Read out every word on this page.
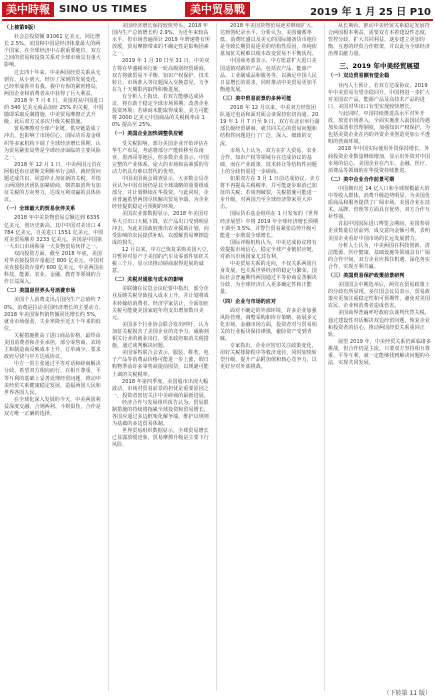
美中時報 SINO US TIMES	美中贸易戰	2019 年 1 月 25 日 P10

（上接第9版）

社会总投资额 91061 亿美元，同比增长 2.5%。美国和中国是经济体量最大的两个国家，在全球经济中占据重要地位，双方之间的贸易和投资关系对全球市场具有重大影响。

过去四十年来，中美两国经贸关系从无到有，从小到大，经历了深刻的发展变化，已经形成你中有我、我中有你的紧密格局，两国企业和消费者从中获得了巨大利益。

2018 年 7 月 6 日，美国对从中国进口的 340 亿美元商品加征 25% 的关税，中国随即采取反制措施，中美贸易摩擦正式升级，此后双方又多次升级关税措施。

贸易摩擦对全球产业链、供应链造成了冲击，也影响了市场信心，国际货币基金组织等多家机构下调了全球经济增长预期，认为贸易紧张局势是全球经济面临的主要风险之一。

2018 年 12 月 1 日，中美两国元首在阿根廷布宜诺斯艾利斯举行会晤，就经贸问题达成共识，同意停止加征新的关税，并指示两国经济团队加紧磋商，朝着取消所有加征关税的方向努力，达成互利双赢的具体协议。

（一）全球最大的贸易伙伴关系

2018 年中美货物贸易总额达到 6335 亿美元，创历史新高。其中中国对美出口 4784 亿美元，自美进口 1551 亿美元，中国对美贸易顺差 3233 亿美元。美国是中国第一大出口市场和第一大货物贸易伙伴之一。

双向投资方面，截至 2018 年底，美国对华直接投资存量超过 800 亿美元，中国对美直接投资存量约 600 亿美元。中美两国在科技、能源、农业、金融、教育等领域的合作日益深入。

（二）美国是世界头号消费市场

美国个人消费支出占国内生产总值约 70%，消费是拉动美国经济增长的主要动力。2018 年美国零售销售额同比增长约 5%，就业市场强劲，失业率降至近五十年来的低位。

关税措施推高了进口商品价格，最终由美国消费者和企业承担，部分零售商、农场主和制造商反映成本上升、订单减少，要求政府尽快与中方达成协议。

中方一贯主张通过平等对话和磋商解决分歧，希望双方相向而行，在相互尊重、平等互利的基础上妥善处理经贸问题，推动中美经贸关系健康稳定发展，造福两国人民和世界各国人民。

在全球化深入发展的今天，中美两国利益深度交融，合则两利、斗则俱伤，合作是双方唯一正确的选择。

美国经济增长保持较快势头，2018 年国内生产总值增长约 2.9%，为近年来较高水平，但市场普遍预计 2019 年增速将有所放缓，贸易摩擦带来的不确定性是影响因素之一。

2019 年 1 月 30 日至 31 日，中美双方将在华盛顿举行新一轮高级别经贸磋商，双方将就贸易不平衡、知识产权保护、技术转让、市场准入等议题深入交换意见，力争在九十天期限内取得积极进展。

有分析人士指出，若双方能够达成协议，将有助于稳定全球市场预期，改善企业投资环境；若磋商未能取得成果，美方可能将 2000 亿美元中国商品的关税税率由 10% 提高至 25%。

（一）美国企业加快调整供应链

受关税影响，部分美国企业开始评估在华生产布局，考虑将部分产能转移至东南亚、墨西哥等地区，但多数企业表示，中国完整的产业体系、庞大的市场和高素质的劳动力仍具有难以替代的优势。

中国美国商会调查显示，大多数会员企业认为中国市场仍是其全球战略的重要组成部分，并计划继续在华投资。与此同时，企业普遍希望两国尽快解决贸易争端，为企业经营提供稳定可预期的环境。

美国农业部数据显示，2018 年美国对华大豆出口大幅下降，农产品出口受到明显冲击。为此美国政府推出农业援助计划，向受影响的农民提供补贴，以缓解贸易摩擦造成的损失。

12 月以来，中方已恢复采购美国大豆，并暂停对原产于美国的汽车及零部件加征关税三个月，显示出推动磋商取得进展的诚意。

（二）关税对通胀与成本的影响

美联储在议息会议纪要中指出，部分企业反映关税导致投入成本上升，并计划将成本转嫁给消费者。经济学家估计，全面加征关税可能使美国家庭年均支出增加数百美元。

美国多个行业协会联合发出呼吁，认为加征关税损害了美国企业的竞争力，威胁到相关行业的就业岗位，要求政府取消关税措施，通过谈判解决问题。

美国零售联合会表示，服装、鞋类、电子产品等消费品价格可能进一步上涨，假日购物季前许多零售商提前囤货，以规避可能上调的关税税率。

2018 年第四季度，美国股市出现大幅波动，市场对贸易前景的担忧是重要原因之一，投资者密切关注中美磋商的最新进展。

经济合作与发展组织报告认为，贸易限制措施的持续将拖累全球投资和贸易增长，各国应通过多边框架化解争端，维护以规则为基础的多边贸易体制。

世界贸易组织数据显示，全球贸易增长已显露放缓迹象，贸易摩擦升级是主要下行风险。

2018 年美国货物贸易逆差继续扩大，达到创纪录水平。分析认为，美国储蓄率低、消费旺盛以及美元的国际储备货币地位是导致长期贸易逆差的结构性原因，单纯依靠加征关税难以根本改变贸易不平衡状况。

中国商务部表示，中方愿意扩大进口美国适销对路的产品，包括农产品、能源产品、工业制成品和服务等，以满足中国人民日益增长的需求，同时推动中美贸易更加平衡地发展。

（三）美中贸易前景的多种可能

2018 年 12 月以来，中美双方经贸团队通过电话和面对面会谈保持密切沟通。2019 年 1 月 7 日至 9 日，双方在北京举行副部长级经贸磋商，就共同关心的贸易问题和结构性问题进行了广泛、深入、细致的交流。

市场人士认为，双方在扩大贸易、农业合作、知识产权等领域存在达成协议的基础，而在产业政策、技术转让等结构性问题上的分歧仍需进一步磋商。

如果双方在 3 月 1 日前达成协议，美方将不再提高关税税率，并可能逐步取消已加征的关税；若谈判破裂，关税措施可能进一步升级，对两国乃至全球经济带来更大冲击。

国际货币基金组织在 1 月发布的《世界经济展望》中将 2019 年全球经济增长预期下调至 3.5%，并警告贸易紧张局势升级可能进一步削弱全球增长。

国际评级机构认为，中美达成协议将有效提振市场信心，稳定全球产业链供应链，对新兴市场国家尤其有利。

中美贸易关系的走向，不仅关系两国自身发展，也关系世界经济的稳定与繁荣。国际社会普遍期待两国通过平等协商妥善解决分歧，为全球经济注入更多确定性和正能量。

（四）企业与市场的应对

面对不确定的外部环境，许多企业加强风险管理，调整采购和库存策略，拓展多元化市场。金融市场方面，投资者对与贸易相关的行业板块保持谨慎，避险资产受到青睐。

专家指出，企业应密切关注政策变化，用好关税排除程序等救济途径，同时加快转型升级，提升产品附加值和核心竞争力，以更好应对外部挑战。

从长期看，推动中美经贸关系稳定发展符合两国根本利益，需要双方本着建设性态度，管控分歧，扩大共同利益，逐步建立更加均衡、互惠的经贸合作框架，并以此为全球经济治理贡献力量。

三、2019 年中美经贸展望

（一）双边贸易额有望企稳

业内人士预计，若双方达成协议，2019 年中美贸易有望企稳回升，中国将进一步扩大对美国农产品、能源产品及高技术产品的进口，美国对华出口有望实现较快增长。

与此同时，中国持续推进高水平对外开放，放宽市场准入，全面实施准入前国民待遇加负面清单管理制度，加强知识产权保护，为包括美资企业在内的外资企业创造更加公平透明的营商环境。

2018 年中国实际使用外资保持增长，外商投资企业数量继续增加，显示出外资对中国市场的信心。美国企业在汽车、金融、医疗、消费品等领域的在华投资持续推进。

（二）美中企业合作前景可期

中国拥有近 14 亿人口和全球规模最大的中等收入群体，消费升级趋势明显，为美国优质商品和服务提供了广阔市场。美国企业在技术、品牌、管理等方面具有优势，双方合作互补性强。

首届中国国际进口博览会期间，美国参展企业数量位居前列，成交意向金额可观，表明美国企业看好中国市场的长远发展潜力。

分析人士认为，中美两国在科技创新、清洁能源、医疗健康、基础设施等领域具有广阔的合作空间，双方企业应抓住机遇，深化务实合作，实现互利共赢。

（三）美国贸易保护政策前景研判

美国国会中期选举后，两党在贸易政策上的分歧有所显现。多位国会议员表示，贸易政策应更加注重稳定性和可预期性，避免对美国农民、企业和消费者造成伤害。

美国商界普遍呼吁政府以谈判代替关税，通过建设性对话解决双边经贸问题，恢复企业和投资者的信心，推动两国经贸关系重回正轨。

展望 2019 年，中美经贸关系仍面临诸多挑战，但合作仍是主流。只要双方坚持相互尊重、平等互利，就一定能够找到解决问题的办法，实现共同发展。

（下转第 11 版）
